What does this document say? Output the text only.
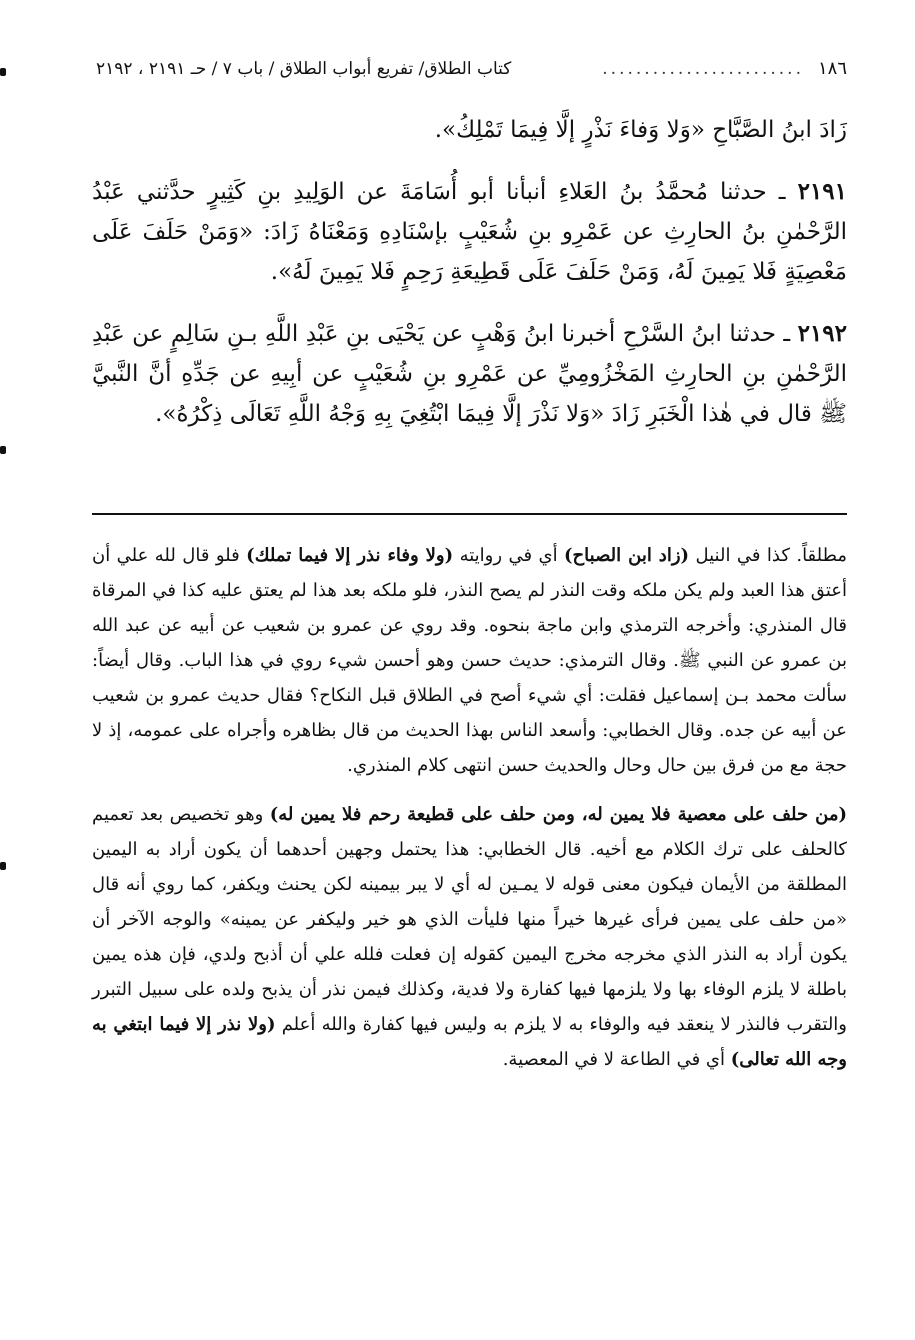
١٨٦
........................
كتاب الطلاق/ تفريع أبواب الطلاق / باب ٧ / حـ ٢١٩١ ، ٢١٩٢

زَادَ ابنُ الصَّبَّاحِ «وَلا وَفاءَ نَذْرٍ إلَّا فِيمَا تَمْلِكُ».

٢١٩١ ـ حدثنا مُحمَّدُ بنُ العَلاءِ أنبأنا أبو أُسَامَةَ عن الوَلِيدِ بنِ كَثِيرٍ حدَّثني عَبْدُ الرَّحْمٰنِ بنُ الحارِثِ عن عَمْرِو بنِ شُعَيْبٍ بإسْنَادِهِ وَمَعْنَاهُ زَادَ: «وَمَنْ حَلَفَ عَلَى مَعْصِيَةٍ فَلا يَمِينَ لَهُ، وَمَنْ حَلَفَ عَلَى قَطِيعَةِ رَحِمٍ فَلا يَمِينَ لَهُ».

٢١٩٢ ـ حدثنا ابنُ السَّرْحِ أخبرنا ابنُ وَهْبٍ عن يَحْيَى بنِ عَبْدِ اللَّهِ بـنِ سَالِمٍ عن عَبْدِ الرَّحْمٰنِ بنِ الحارِثِ المَخْزُومِيِّ عن عَمْرِو بنِ شُعَيْبٍ عن أبِيهِ عن جَدِّهِ أنَّ النَّبيَّ ﷺ قال في هٰذا الْخَبَرِ زَادَ «وَلا نَذْرَ إلَّا فِيمَا ابْتُغِيَ بِهِ وَجْهُ اللَّهِ تَعَالَى ذِكْرُهُ».

مطلقاً. كذا في النيل (زاد ابن الصباح) أي في روايته (ولا وفاء نذر إلا فيما تملك) فلو قال لله علي أن أعتق هذا العبد ولم يكن ملكه وقت النذر لم يصح النذر، فلو ملكه بعد هذا لم يعتق عليه كذا في المرقاة قال المنذري: وأخرجه الترمذي وابن ماجة بنحوه. وقد روي عن عمرو بن شعيب عن أبيه عن عبد الله بن عمرو عن النبي ﷺ. وقال الترمذي: حديث حسن وهو أحسن شيء روي في هذا الباب. وقال أيضاً: سألت محمد بـن إسماعيل فقلت: أي شيء أصح في الطلاق قبل النكاح؟ فقال حديث عمرو بن شعيب عن أبيه عن جده. وقال الخطابي: وأسعد الناس بهذا الحديث من قال بظاهره وأجراه على عمومه، إذ لا حجة مع من فرق بين حال وحال والحديث حسن انتهى كلام المنذري.

(من حلف على معصية فلا يمين له، ومن حلف على قطيعة رحم فلا يمين له) وهو تخصيص بعد تعميم كالحلف على ترك الكلام مع أخيه. قال الخطابي: هذا يحتمل وجهين أحدهما أن يكون أراد به اليمين المطلقة من الأيمان فيكون معنى قوله لا يمـين له أي لا يبر بيمينه لكن يحنث ويكفر، كما روي أنه قال «من حلف على يمين فرأى غيرها خيراً منها فليأت الذي هو خير وليكفر عن يمينه» والوجه الآخر أن يكون أراد به النذر الذي مخرجه مخرج اليمين كقوله إن فعلت فلله علي أن أذبح ولدي، فإن هذه يمين باطلة لا يلزم الوفاء بها ولا يلزمها فيها كفارة ولا فدية، وكذلك فيمن نذر أن يذبح ولده على سبيل التبرر والتقرب فالنذر لا ينعقد فيه والوفاء به لا يلزم به وليس فيها كفارة والله أعلم (ولا نذر إلا فيما ابتغي به وجه الله تعالى) أي في الطاعة لا في المعصية.
